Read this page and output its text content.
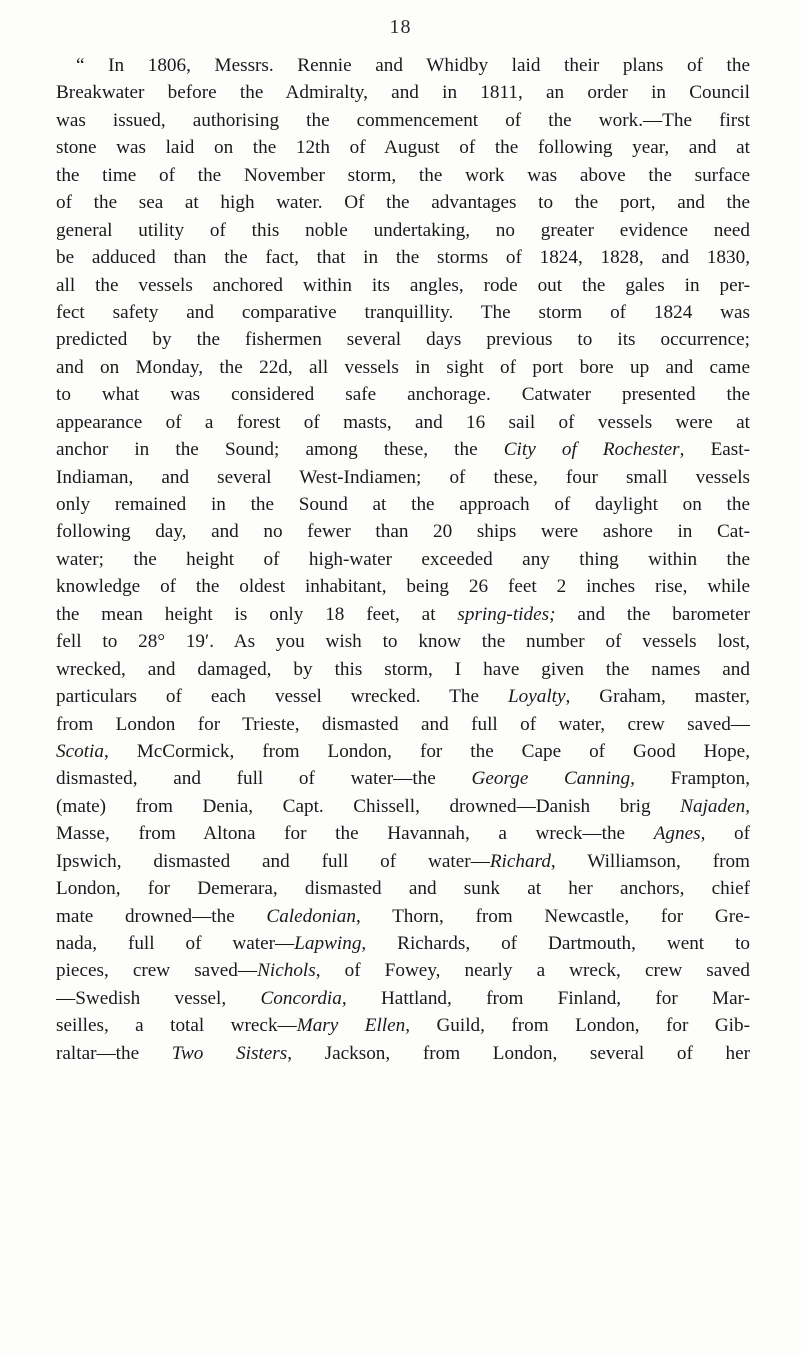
18
“ In 1806, Messrs. Rennie and Whidby laid their plans of the
Breakwater before the Admiralty, and in 1811, an order in Council
was issued, authorising the commencement of the work.—The first
stone was laid on the 12th of August of the following year, and at
the time of the November storm, the work was above the surface
of the sea at high water. Of the advantages to the port, and the
general utility of this noble undertaking, no greater evidence need
be adduced than the fact, that in the storms of 1824, 1828, and 1830,
all the vessels anchored within its angles, rode out the gales in per-
fect safety and comparative tranquillity. The storm of 1824 was
predicted by the fishermen several days previous to its occurrence;
and on Monday, the 22d, all vessels in sight of port bore up and came
to what was considered safe anchorage. Catwater presented the
appearance of a forest of masts, and 16 sail of vessels were at
anchor in the Sound; among these, the City of Rochester, East-
Indiaman, and several West-Indiamen; of these, four small vessels
only remained in the Sound at the approach of daylight on the
following day, and no fewer than 20 ships were ashore in Cat-
water; the height of high-water exceeded any thing within the
knowledge of the oldest inhabitant, being 26 feet 2 inches rise, while
the mean height is only 18 feet, at spring-tides; and the barometer
fell to 28° 19′. As you wish to know the number of vessels lost,
wrecked, and damaged, by this storm, I have given the names and
particulars of each vessel wrecked. The Loyalty, Graham, master,
from London for Trieste, dismasted and full of water, crew saved—
Scotia, McCormick, from London, for the Cape of Good Hope,
dismasted, and full of water—the George Canning, Frampton,
(mate) from Denia, Capt. Chissell, drowned—Danish brig Najaden,
Masse, from Altona for the Havannah, a wreck—the Agnes, of
Ipswich, dismasted and full of water—Richard, Williamson, from
London, for Demerara, dismasted and sunk at her anchors, chief
mate drowned—the Caledonian, Thorn, from Newcastle, for Gre-
nada, full of water—Lapwing, Richards, of Dartmouth, went to
pieces, crew saved—Nichols, of Fowey, nearly a wreck, crew saved
—Swedish vessel, Concordia, Hattland, from Finland, for Mar-
seilles, a total wreck—Mary Ellen, Guild, from London, for Gib-
raltar—the Two Sisters, Jackson, from London, several of her
